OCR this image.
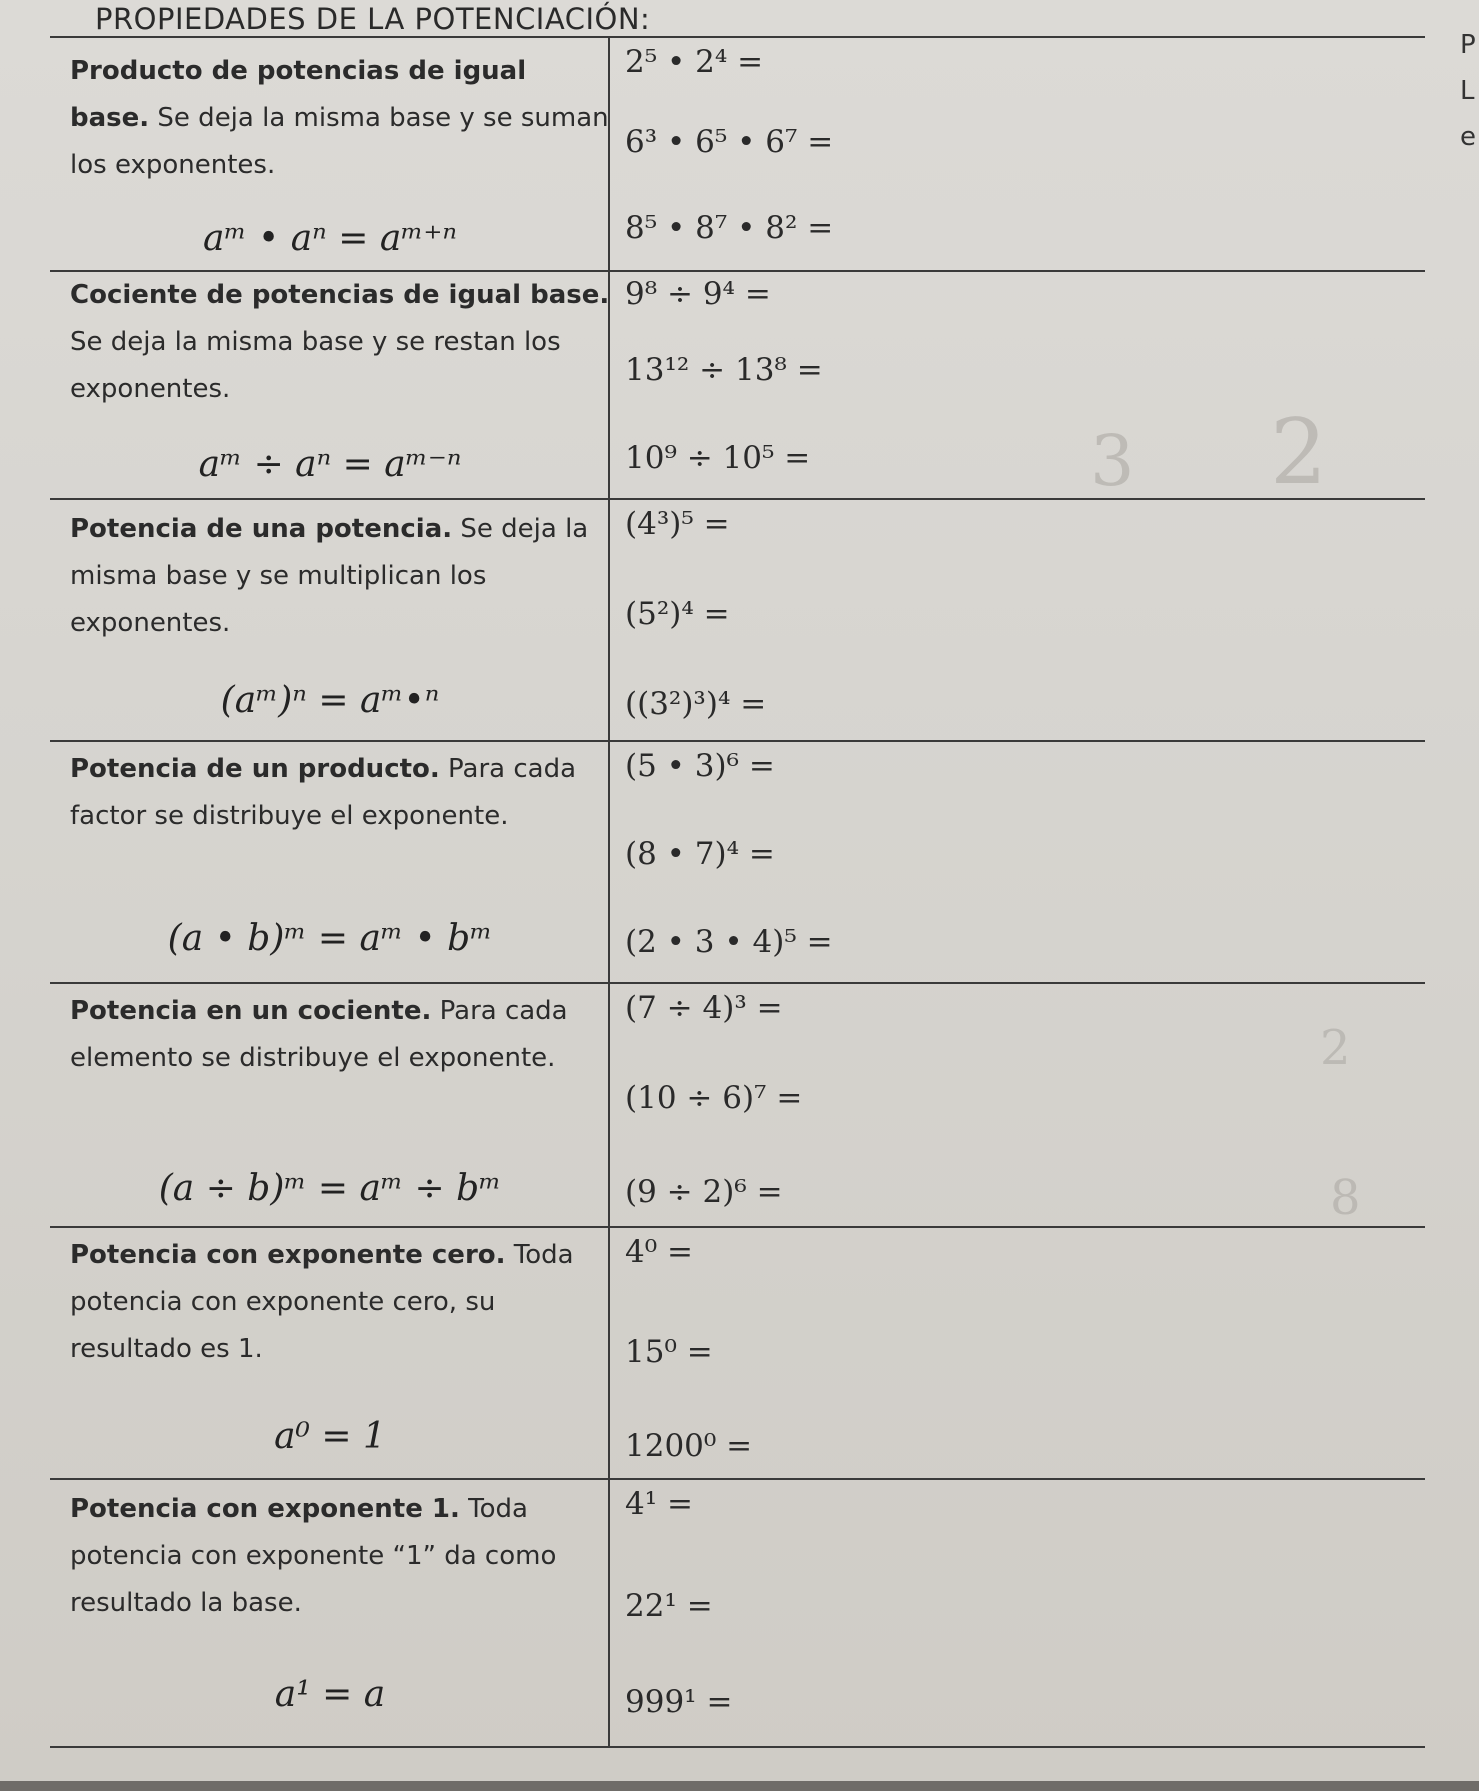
3 2
2
8
PROPIEDADES DE LA POTENCIACIÓN:
P
L
e
Producto de potencias de igual base. Se deja la misma base y se suman los exponentes.
aᵐ • aⁿ = aᵐ⁺ⁿ
2⁵ • 2⁴ =
6³ • 6⁵ • 6⁷ =
8⁵ • 8⁷ • 8² =
Cociente de potencias de igual base. Se deja la misma base y se restan los exponentes.
aᵐ ÷ aⁿ = aᵐ⁻ⁿ
9⁸ ÷ 9⁴ =
13¹² ÷ 13⁸ =
10⁹ ÷ 10⁵ =
Potencia de una potencia. Se deja la misma base y se multiplican los exponentes.
(aᵐ)ⁿ = aᵐ•ⁿ
(4³)⁵ =
(5²)⁴ =
((3²)³)⁴ =
Potencia de un producto. Para cada factor se distribuye el exponente.
(a • b)ᵐ = aᵐ • bᵐ
(5 • 3)⁶ =
(8 • 7)⁴ =
(2 • 3 • 4)⁵ =
Potencia en un cociente. Para cada elemento se distribuye el exponente.
(a ÷ b)ᵐ = aᵐ ÷ bᵐ
(7 ÷ 4)³ =
(10 ÷ 6)⁷ =
(9 ÷ 2)⁶ =
Potencia con exponente cero. Toda potencia con exponente cero, su resultado es 1.
a⁰ = 1
4⁰ =
15⁰ =
1200⁰ =
Potencia con exponente 1. Toda potencia con exponente “1” da como resultado la base.
a¹ = a
4¹ =
22¹ =
999¹ =
